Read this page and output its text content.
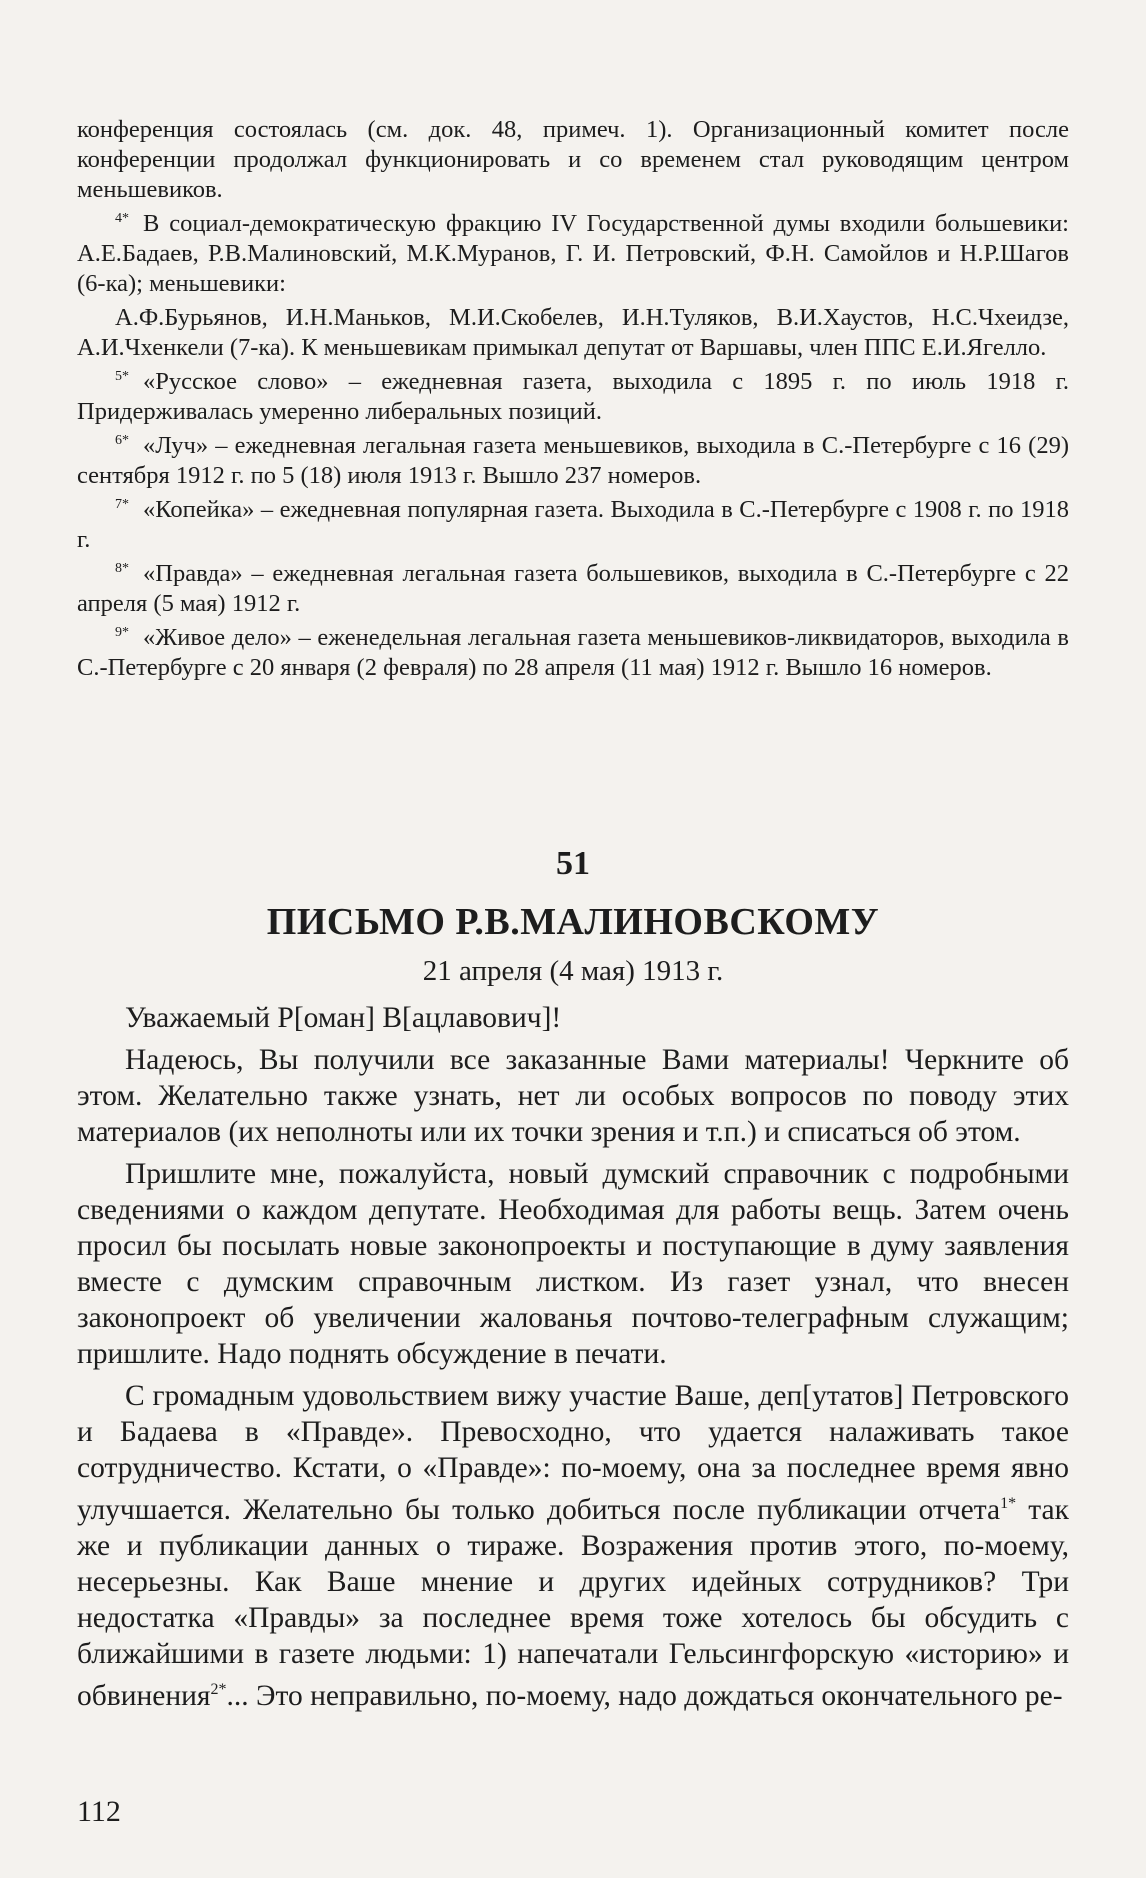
конференция состоялась (см. док. 48, примеч. 1). Организационный комитет после конференции продолжал функционировать и со временем стал руководящим центром меньшевиков.

$^{4*}$ В социал-демократическую фракцию IV Государственной думы входили большевики: А.Е.Бадаев, Р.В.Малиновский, М.К.Муранов, Г. И. Петровский, Ф.Н. Самойлов и Н.Р.Шагов (6-ка); меньшевики:

А.Ф.Бурьянов, И.Н.Маньков, М.И.Скобелев, И.Н.Туляков, В.И.Хаустов, Н.С.Чхеидзе, А.И.Чхенкели (7-ка). К меньшевикам примыкал депутат от Варшавы, член ППС Е.И.Ягелло.

$^{5*}$ «Русское слово» – ежедневная газета, выходила с 1895 г. по июль 1918 г. Придерживалась умеренно либеральных позиций.

$^{6*}$ «Луч» – ежедневная легальная газета меньшевиков, выходила в С.-Петербурге с 16 (29) сентября 1912 г. по 5 (18) июля 1913 г. Вышло 237 номеров.

$^{7*}$ «Копейка» – ежедневная популярная газета. Выходила в С.-Петербурге с 1908 г. по 1918 г.

$^{8*}$ «Правда» – ежедневная легальная газета большевиков, выходила в С.-Петербурге с 22 апреля (5 мая) 1912 г.

$^{9*}$ «Живое дело» – еженедельная легальная газета меньшевиков-ликвидаторов, выходила в С.-Петербурге с 20 января (2 февраля) по 28 апреля (11 мая) 1912 г. Вышло 16 номеров.

51
ПИСЬМО Р.В.МАЛИНОВСКОМУ
21 апреля (4 мая) 1913 г.

Уважаемый Р[оман] В[ацлавович]!

Надеюсь, Вы получили все заказанные Вами материалы! Черкните об этом. Желательно также узнать, нет ли особых вопросов по поводу этих материалов (их неполноты или их точки зрения и т.п.) и списаться об этом.

Пришлите мне, пожалуйста, новый думский справочник с подробными сведениями о каждом депутате. Необходимая для работы вещь. Затем очень просил бы посылать новые законопроекты и поступающие в думу заявления вместе с думским справочным листком. Из газет узнал, что внесен законопроект об увеличении жалованья почтово-телеграфным служащим; пришлите. Надо поднять обсуждение в печати.

С громадным удовольствием вижу участие Ваше, деп[утатов] Петровского и Бадаева в «Правде». Превосходно, что удается налаживать такое сотрудничество. Кстати, о «Правде»: по-моему, она за последнее время явно улучшается. Желательно бы только добиться после публикации отчета$^{1*}$ так же и публикации данных о тираже. Возражения против этого, по-моему, несерьезны. Как Ваше мнение и других идейных сотрудников? Три недостатка «Правды» за последнее время тоже хотелось бы обсудить с ближайшими в газете людьми: 1) напечатали Гельсингфорскую «историю» и обвинения$^{2*}$... Это неправильно, по-моему, надо дождаться окончательного ре-

112
